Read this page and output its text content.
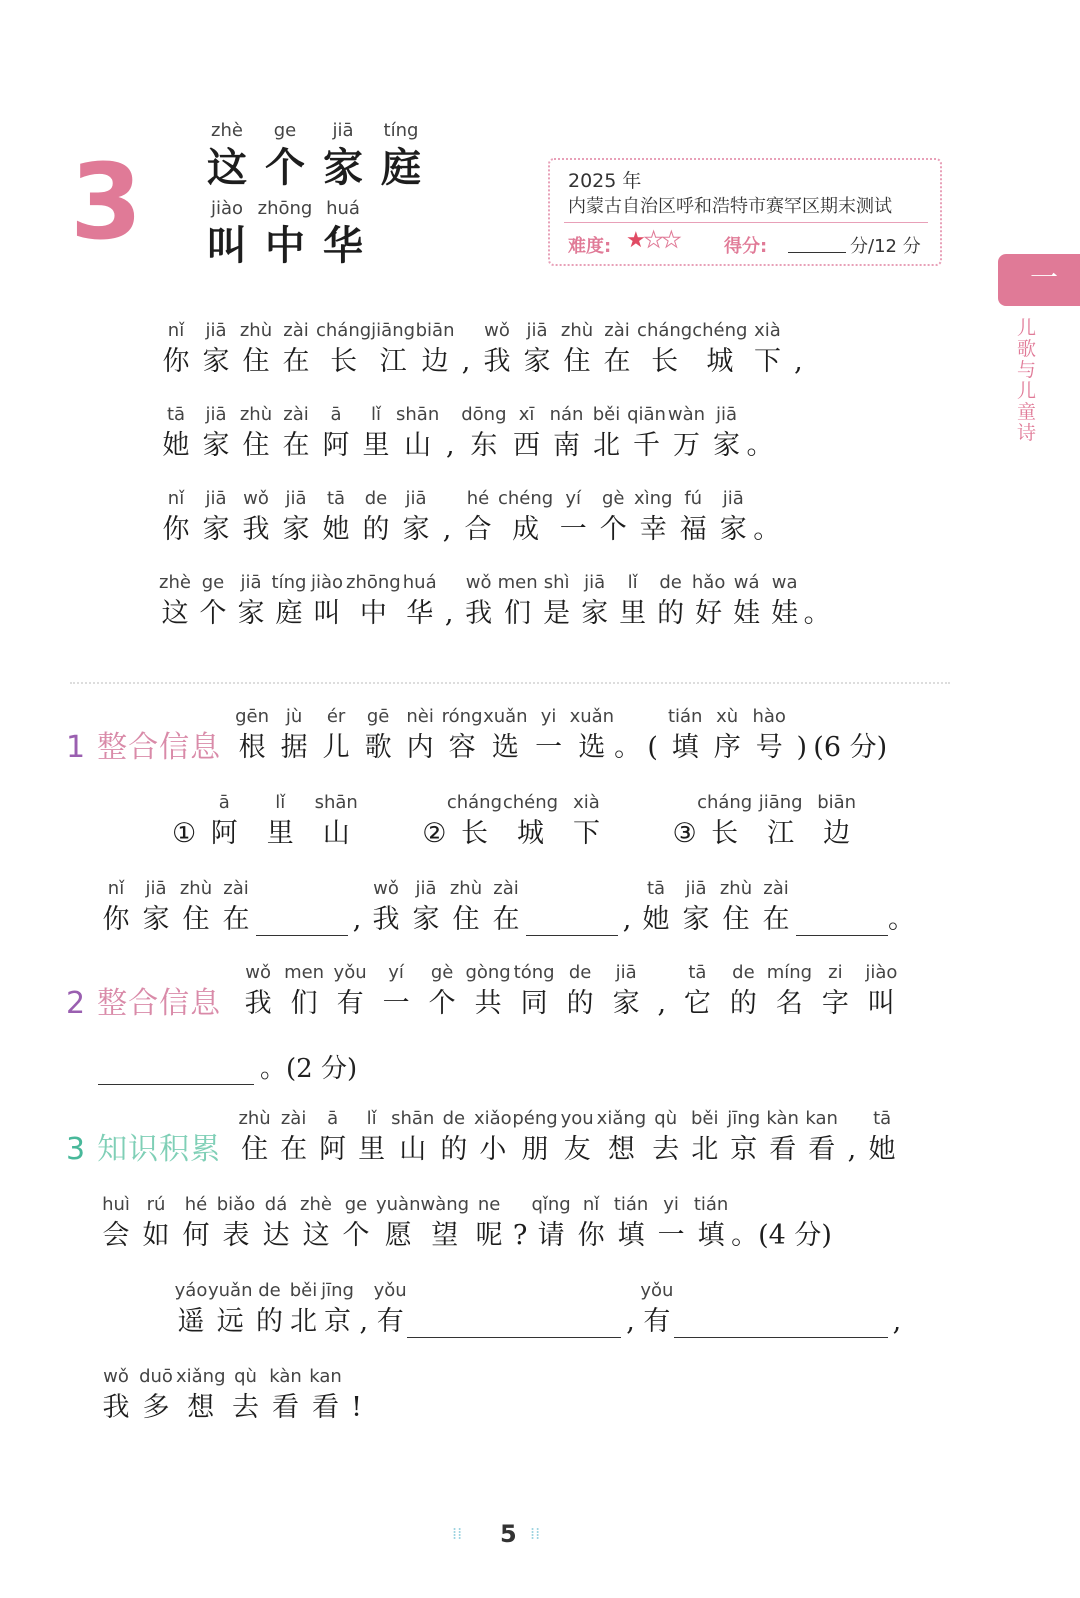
3
zhè
这
ge
个
jiā
家
tíng
庭
jiào
叫
zhōng
中
huá
华
2025 年
内蒙古自治区呼和浩特市赛罕区期末测试
难度: ★★★ 得分:	分/12 分
一
儿歌与儿童诗
nǐ
你
jiā
家
zhù
住
zài
在
cháng
长
jiāng
江
biān
边 ,
wǒ
我
jiā
家
zhù
住
zài
在
cháng
长
chéng
城
xià
下 ,
tā
她
jiā
家
zhù
住
zài
在
ā
阿
lǐ
里
shān
山 ,
dōng
东
xī
西
nán
南
běi
北
qiān
千
wàn
万
jiā
家 。
nǐ
你
jiā
家
wǒ
我
jiā
家
tā
她
de
的
jiā
家 ,
hé
合
chéng
成
yí
一
gè
个
xìng
幸
fú
福
jiā
家 。
zhè
这
ge
个
jiā
家
tíng
庭
jiào
叫
zhōng
中
huá
华 ,
wǒ
我
men
们
shì
是
jiā
家
lǐ
里
de
的
hǎo
好
wá
娃
wa
娃 。
1 整合信息
gēn
根
jù
据
ér
儿
gē
歌
nèi
内
róng
容
xuǎn
选
yi
一
xuǎn
选 。 (
tián
填
xù
序
hào
号 ) (6 分)
①
ā
阿
lǐ
里
shān
山	②
cháng
长
chéng
城
xià
下	③
cháng
长
jiāng
江
biān
边
nǐ
你
jiā
家
zhù
住
zài
在	,
wǒ
我
jiā
家
zhù
住
zài
在	,
tā
她
jiā
家
zhù
住
zài
在	。
2 整合信息
wǒ
我
men
们
yǒu
有
yí
一
gè
个
gòng
共
tóng
同
de
的
jiā
家 ,
tā
它
de
的
míng
名
zi
字
jiào
叫
。(2 分)
3 知识积累
zhù
住
zài
在
ā
阿
lǐ
里
shān
山
de
的
xiǎo
小
péng
朋
you
友
xiǎng
想
qù
去
běi
北
jīng
京
kàn
看
kan
看 ,
tā
她
huì
会
rú
如
hé
何
biǎo
表
dá
达
zhè
这
ge
个
yuàn
愿
wàng
望
ne
呢 ?
qǐng
请
nǐ
你
tián
填
yi
一
tián
填 。 (4 分)
yáo
遥
yuǎn
远
de
的
běi
北
jīng
京 ,
yǒu
有	,
yǒu
有	,
wǒ
我
duō
多
xiǎng
想
qù
去
kàn
看
kan
看 !
⁞⁞ 5 ⁞⁞
